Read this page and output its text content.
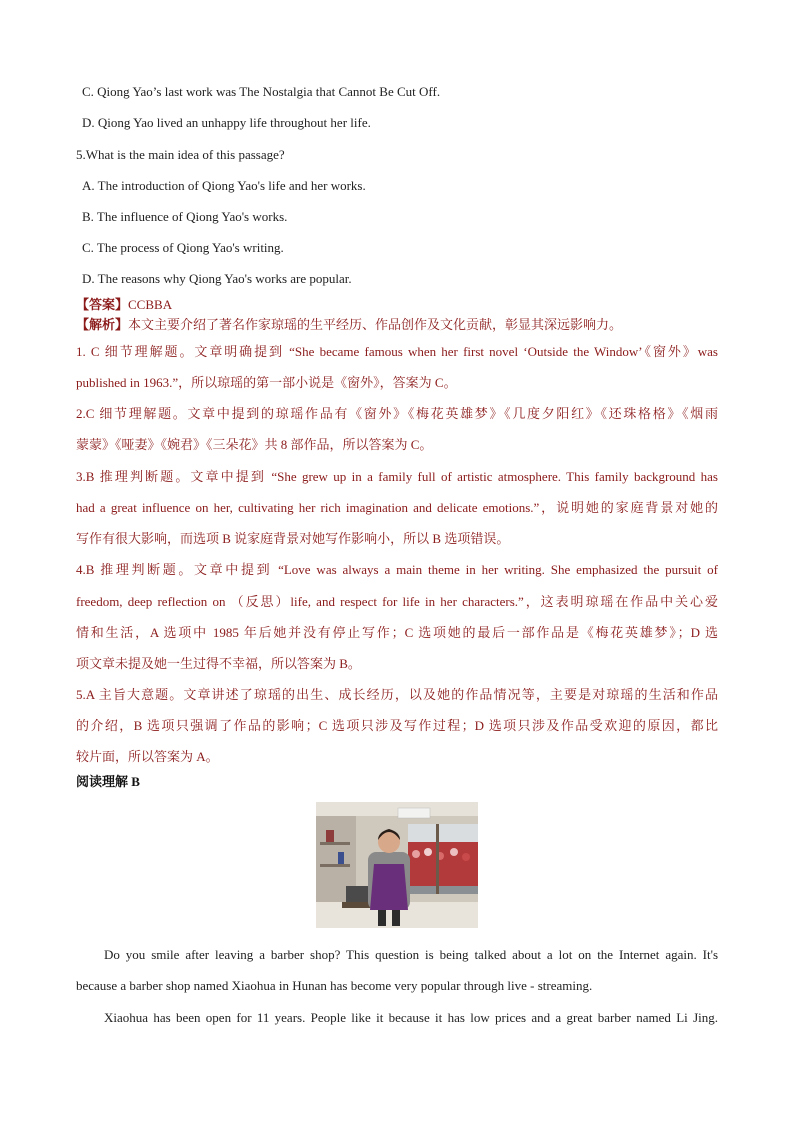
C. Qiong Yao’s last work was The Nostalgia that Cannot Be Cut Off.
D. Qiong Yao lived an unhappy life throughout her life.
5.What is the main idea of this passage?
A. The introduction of Qiong Yao's life and her works.
B. The influence of Qiong Yao's works.
C. The process of Qiong Yao's writing.
D. The reasons why Qiong Yao's works are popular.
【答案】CCBBA
【解析】本文主要介绍了著名作家琼瑶的生平经历、作品创作及文化贡献，彰显其深远影响力。
1. C 细节理解题。文章明确提到 “She became famous when her first novel ‘Outside the Window’《窗外》was
published in 1963.”，所以琼瑶的第一部小说是《窗外》，答案为 C。
2.C 细节理解题。文章中提到的琼瑶作品有《窗外》《梅花英雄梦》《几度夕阳红》《还珠格格》《烟雨
蒙蒙》《哑妻》《婉君》《三朵花》共 8 部作品，所以答案为 C。
3.B 推理判断题。文章中提到 “She grew up in a family full of artistic atmosphere. This family background has
had a great influence on her, cultivating her rich imagination and delicate emotions.”，说明她的家庭背景对她的
写作有很大影响，而选项 B 说家庭背景对她写作影响小，所以 B 选项错误。
4.B 推理判断题。文章中提到 “Love was always a main theme in her writing. She emphasized the pursuit of
freedom, deep reflection on （反思）life, and respect for life in her characters.”，这表明琼瑶在作品中关心爱
情和生活，A 选项中 1985 年后她并没有停止写作；C 选项她的最后一部作品是《梅花英雄梦》；D 选
项文章未提及她一生过得不幸福，所以答案为 B。
5.A 主旨大意题。文章讲述了琼瑶的出生、成长经历，以及她的作品情况等，主要是对琼瑶的生活和作品
的介绍，B 选项只强调了作品的影响；C 选项只涉及写作过程；D 选项只涉及作品受欢迎的原因，都比
较片面，所以答案为 A。
阅读理解 B
Do you smile after leaving a barber shop? This question is being talked about a lot on the Internet again. It's
because a barber shop named Xiaohua in Hunan has become very popular through live - streaming.
Xiaohua has been open for 11 years. People like it because it has low prices and a great barber named Li Jing.
